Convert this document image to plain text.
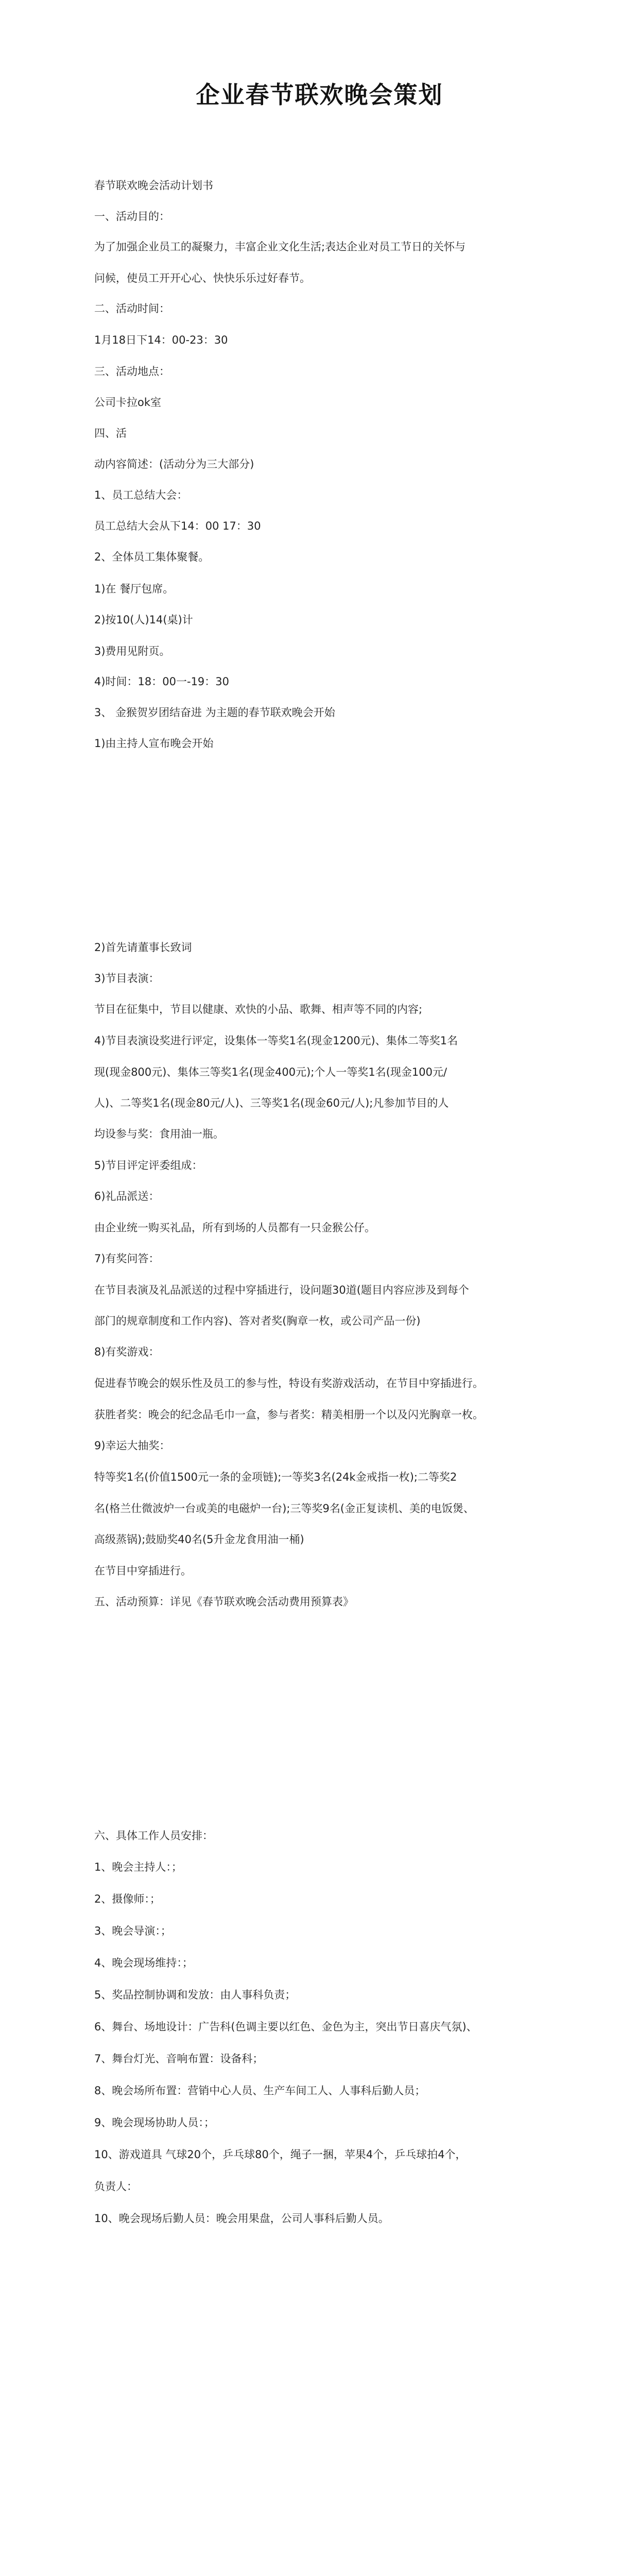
企业春节联欢晚会策划
春节联欢晚会活动计划书
一、活动目的：
为了加强企业员工的凝聚力，丰富企业文化生活;表达企业对员工节日的关怀与
问候，使员工开开心心、快快乐乐过好春节。
二、活动时间：
1月18日下14：00-23：30
三、活动地点：
公司卡拉ok室
四、活
动内容简述：(活动分为三大部分)
1、员工总结大会：
员工总结大会从下14：00 17：30
2、全体员工集体聚餐。
1)在 餐厅包席。
2)按10(人)14(桌)计
3)费用见附页。
4)时间：18：00一-19：30
3、 金猴贺岁团结奋进 为主题的春节联欢晚会开始
1)由主持人宣布晚会开始
2)首先请董事长致词
3)节目表演：
节目在征集中，节目以健康、欢快的小品、歌舞、相声等不同的内容;
4)节目表演设奖进行评定，设集体一等奖1名(现金1200元)、集体二等奖1名
现(现金800元)、集体三等奖1名(现金400元);个人一等奖1名(现金100元/
人)、二等奖1名(现金80元/人)、三等奖1名(现金60元/人);凡参加节目的人
均设参与奖：食用油一瓶。
5)节目评定评委组成：
6)礼品派送：
由企业统一购买礼品，所有到场的人员都有一只金猴公仔。
7)有奖问答：
在节目表演及礼品派送的过程中穿插进行，设问题30道(题目内容应涉及到每个
部门的规章制度和工作内容)、答对者奖(胸章一枚，或公司产品一份)
8)有奖游戏：
促进春节晚会的娱乐性及员工的参与性，特设有奖游戏活动，在节目中穿插进行。
获胜者奖：晚会的纪念品毛巾一盒，参与者奖：精美相册一个以及闪光胸章一枚。
9)幸运大抽奖：
特等奖1名(价值1500元一条的金项链);一等奖3名(24k金戒指一枚);二等奖2
名(格兰仕微波炉一台或美的电磁炉一台);三等奖9名(金正复读机、美的电饭煲、
高级蒸锅);鼓励奖40名(5升金龙食用油一桶)
在节目中穿插进行。
五、活动预算：详见《春节联欢晚会活动费用预算表》
六、具体工作人员安排：
1、晚会主持人：；
2、摄像师：；
3、晚会导演：；
4、晚会现场维持：；
5、奖品控制协调和发放：由人事科负责；
6、舞台、场地设计：广告科(色调主要以红色、金色为主，突出节日喜庆气氛)、
7、舞台灯光、音响布置：设备科；
8、晚会场所布置：营销中心人员、生产车间工人、人事科后勤人员；
9、晚会现场协助人员：；
10、游戏道具 气球20个，乒乓球80个，绳子一捆，苹果4个，乒乓球拍4个，
负责人：
10、晚会现场后勤人员：晚会用果盘，公司人事科后勤人员。
